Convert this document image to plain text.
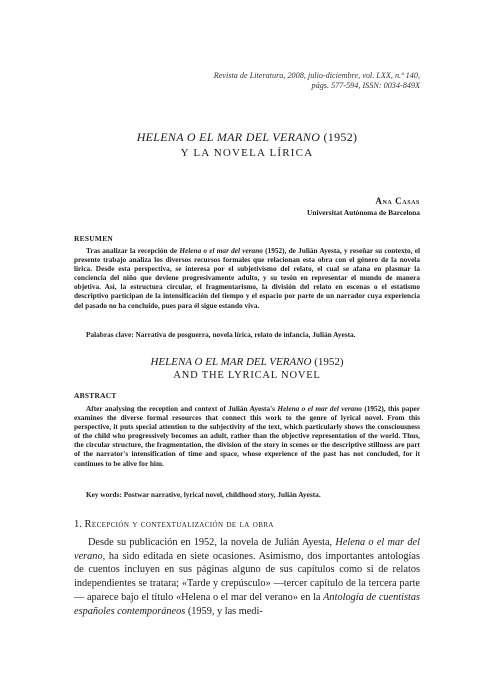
Revista de Literatura, 2008, julio-diciembre, vol. LXX, n.º 140,
págs. 577-594, ISSN: 0034-849X
HELENA O EL MAR DEL VERANO (1952)
Y LA NOVELA LÍRICA
Ana Casas
Universitat Autònoma de Barcelona
RESUMEN
Tras analizar la recepción de Helena o el mar del verano (1952), de Julián Ayesta, y reseñar su contexto, el presente trabajo analiza los diversos recursos formales que relacionan esta obra con el género de la novela lírica. Desde esta perspectiva, se interesa por el subjetivismo del relato, el cual se afana en plasmar la conciencia del niño que deviene progresivamente adulto, y su tesón en representar el mundo de manera objetiva. Así, la estructura circular, el fragmentarismo, la división del relato en escenas o el estatismo descriptivo participan de la intensificación del tiempo y el espacio por parte de un narrador cuya experiencia del pasado no ha concluido, pues para él sigue estando viva.
Palabras clave: Narrativa de posguerra, novela lírica, relato de infancia, Julián Ayesta.
HELENA O EL MAR DEL VERANO (1952)
AND THE LYRICAL NOVEL
ABSTRACT
After analysing the reception and context of Julián Ayesta's Helena o el mar del verano (1952), this paper examines the diverse formal resources that connect this work to the genre of lyrical novel. From this perspective, it puts special attention to the subjectivity of the text, which particularly shows the consciousness of the child who progressively becomes an adult, rather than the objective representation of the world. Thus, the circular structure, the fragmentation, the division of the story in scenes or the descriptive stillness are part of the narrator's intensification of time and space, whose experience of the past has not concluded, for it continues to be alive for him.
Key words: Postwar narrative, lyrical novel, childhood story, Julián Ayesta.
1. Recepción y contextualización de la obra
Desde su publicación en 1952, la novela de Julián Ayesta, Helena o el mar del verano, ha sido editada en siete ocasiones. Asimismo, dos importantes antologías de cuentos incluyen en sus páginas alguno de sus capítulos como si de relatos independientes se tratara; «Tarde y crepúsculo» —tercer capítulo de la tercera parte— aparece bajo el título «Helena o el mar del verano» en la Antología de cuentistas españoles contemporáneos (1959, y las medi-
